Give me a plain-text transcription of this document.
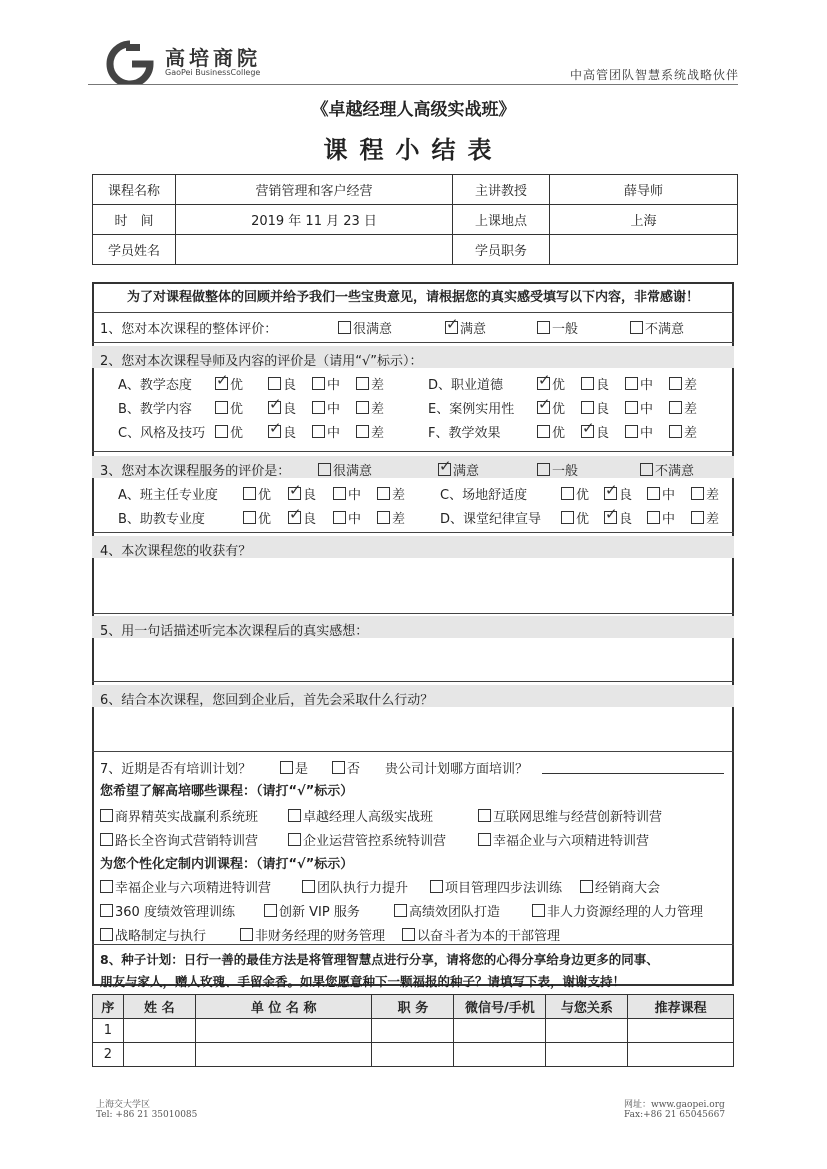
高培商院
GaoPei BusinessCollege	中高管团队智慧系统战略伙伴
《卓越经理人高级实战班》
课程小结表
课程名称	营销管理和客户经营	主讲教授	薛导师
时　间	2019 年 11 月 23 日	上课地点	上海
学员姓名		学员职务	
为了对课程做整体的回顾并给予我们一些宝贵意见，请根据您的真实感受填写以下内容，非常感谢！
1、您对本次课程的整体评价：	很满意 ✓	满意	一般	不满意
2、您对本次课程导师及内容的评价是（请用“√”标示）：
A、教学态度 ✓	优	良	中	差
B、教学内容	优 ✓	良	中	差
C、风格及技巧	优 ✓	良	中	差
D、职业道德 ✓	优	良	中	差
E、案例实用性 ✓	优	良	中	差
F、教学效果	优 ✓	良	中	差
3、您对本次课程服务的评价是：	很满意 ✓	满意	一般	不满意
A、班主任专业度	优 ✓	良	中	差
B、助教专业度	优 ✓	良	中	差
C、场地舒适度	优 ✓	良	中	差
D、课堂纪律宣导	优 ✓	良	中	差
4、本次课程您的收获有？
5、用一句话描述听完本次课程后的真实感想：
6、结合本次课程，您回到企业后，首先会采取什么行动？
7、近期是否有培训计划？	是	否 贵公司计划哪方面培训？
您希望了解高培哪些课程：（请打“√”标示）
商界精英实战赢利系统班	卓越经理人高级实战班	互联网思维与经营创新特训营
路长全咨询式营销特训营	企业运营管控系统特训营	幸福企业与六项精进特训营
为您个性化定制内训课程：（请打“√”标示）
幸福企业与六项精进特训营	团队执行力提升	项目管理四步法训练	经销商大会
360 度绩效管理训练	创新 VIP 服务	高绩效团队打造	非人力资源经理的人力管理
战略制定与执行	非财务经理的财务管理	以奋斗者为本的干部管理
8、种子计划：日行一善的最佳方法是将管理智慧点进行分享，请将您的心得分享给身边更多的同事、
朋友与家人，赠人玫瑰、手留余香。如果您愿意种下一颗福报的种子？请填写下表，谢谢支持！
序	姓 名	单 位 名 称	职 务	微信号/手机	与您关系	推荐课程
1						
2						
上海交大学区
Tel: +86 21 35010085
网址：www.gaopei.org
Fax:+86 21 65045667
